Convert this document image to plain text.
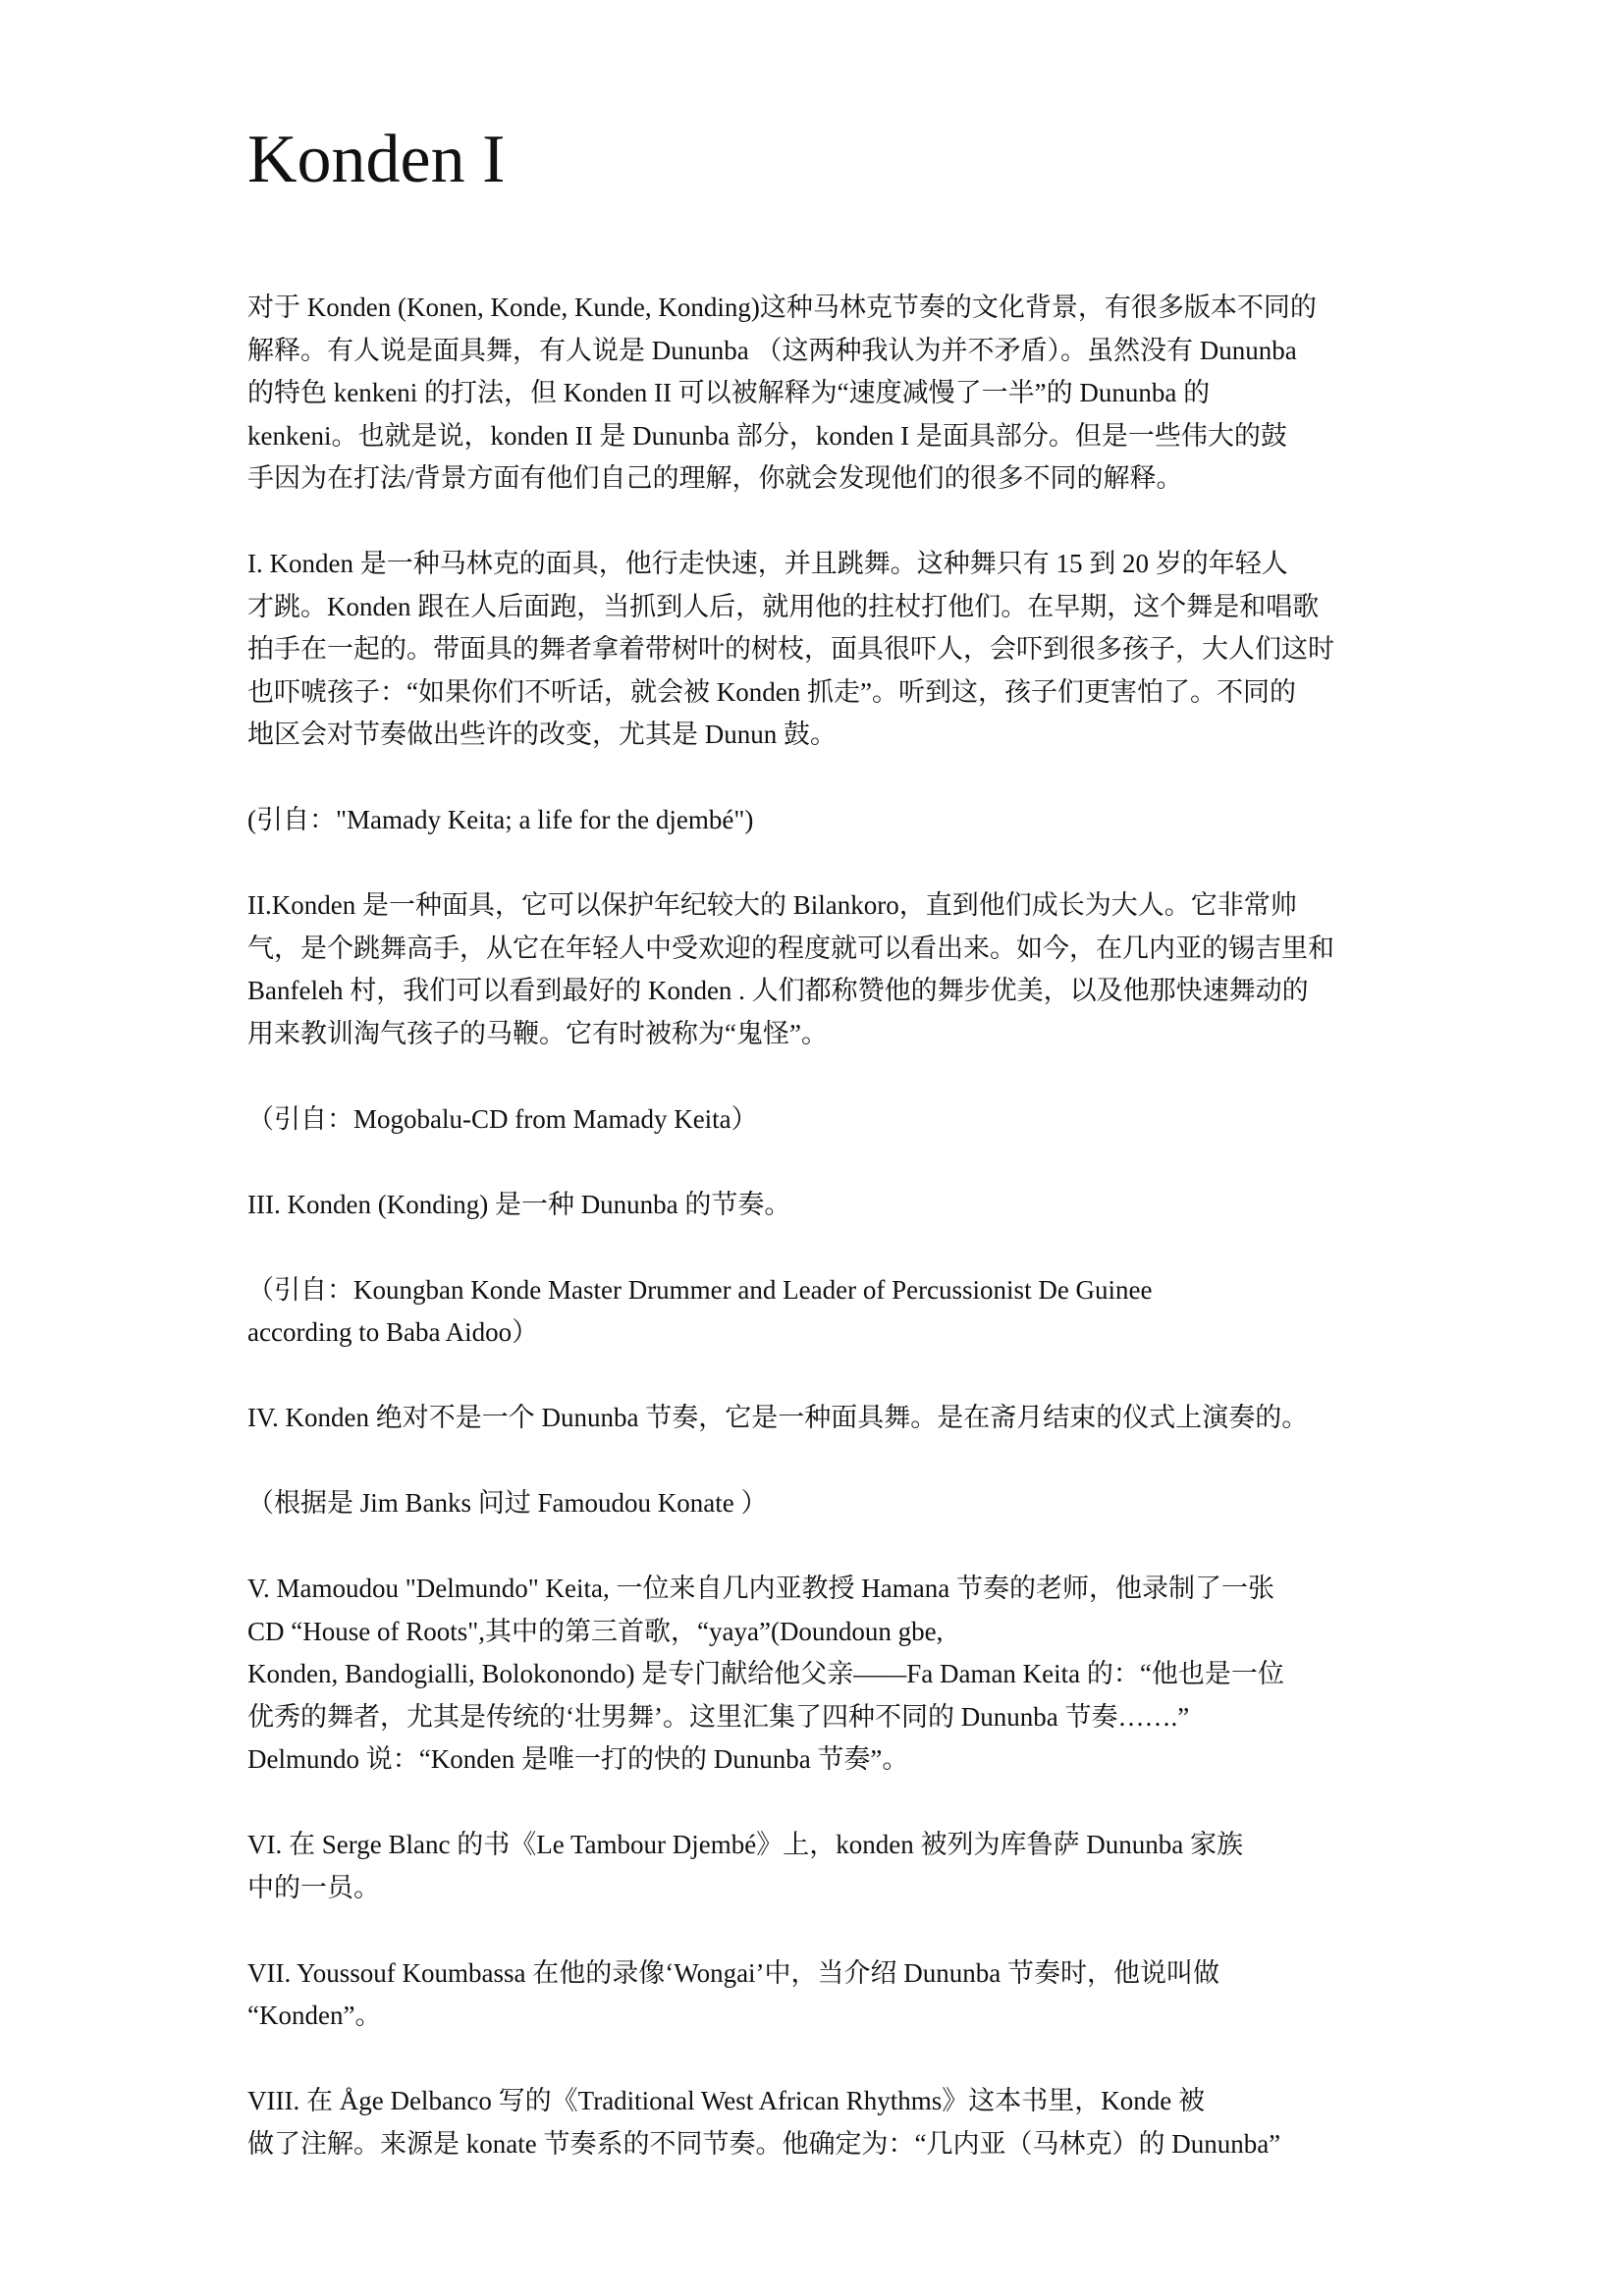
Konden I

对于 Konden (Konen, Konde, Kunde, Konding)这种马林克节奏的文化背景，有很多版本不同的
解释。有人说是面具舞，有人说是 Dununba （这两种我认为并不矛盾）。虽然没有 Dununba
的特色 kenkeni 的打法，但 Konden II 可以被解释为“速度减慢了一半”的 Dununba 的
kenkeni。也就是说，konden II 是 Dununba 部分，konden I 是面具部分。但是一些伟大的鼓
手因为在打法/背景方面有他们自己的理解，你就会发现他们的很多不同的解释。

I. Konden 是一种马林克的面具，他行走快速，并且跳舞。这种舞只有 15 到 20 岁的年轻人
才跳。Konden 跟在人后面跑，当抓到人后，就用他的拄杖打他们。在早期，这个舞是和唱歌
拍手在一起的。带面具的舞者拿着带树叶的树枝，面具很吓人，会吓到很多孩子，大人们这时
也吓唬孩子：“如果你们不听话，就会被 Konden 抓走”。听到这，孩子们更害怕了。不同的
地区会对节奏做出些许的改变，尤其是 Dunun 鼓。

(引自："Mamady Keita; a life for the djembé")

II.Konden 是一种面具，它可以保护年纪较大的 Bilankoro，直到他们成长为大人。它非常帅
气，是个跳舞高手，从它在年轻人中受欢迎的程度就可以看出来。如今，在几内亚的锡吉里和
Banfeleh 村，我们可以看到最好的 Konden . 人们都称赞他的舞步优美，以及他那快速舞动的
用来教训淘气孩子的马鞭。它有时被称为“鬼怪”。

（引自：Mogobalu-CD from Mamady Keita）

III. Konden (Konding) 是一种 Dununba 的节奏。

（引自：Koungban Konde Master Drummer and Leader of Percussionist De Guinee
according to Baba Aidoo）

IV. Konden 绝对不是一个 Dununba 节奏，它是一种面具舞。是在斋月结束的仪式上演奏的。

（根据是 Jim Banks 问过 Famoudou Konate ）

V. Mamoudou "Delmundo" Keita, 一位来自几内亚教授 Hamana 节奏的老师，他录制了一张
CD “House of Roots",其中的第三首歌，“yaya”(Doundoun gbe,
Konden, Bandogialli, Bolokonondo) 是专门献给他父亲——Fa Daman Keita 的：“他也是一位
优秀的舞者，尤其是传统的‘壮男舞’。这里汇集了四种不同的 Dununba 节奏…….”
Delmundo 说：“Konden 是唯一打的快的 Dununba 节奏”。

VI. 在 Serge Blanc 的书《Le Tambour Djembé》上，konden 被列为库鲁萨 Dununba 家族
中的一员。

VII. Youssouf Koumbassa 在他的录像‘Wongai’中，当介绍 Dununba 节奏时，他说叫做
“Konden”。

VIII. 在 Åge Delbanco 写的《Traditional West African Rhythms》这本书里，Konde 被
做了注解。来源是 konate 节奏系的不同节奏。他确定为：“几内亚（马林克）的 Dununba”
